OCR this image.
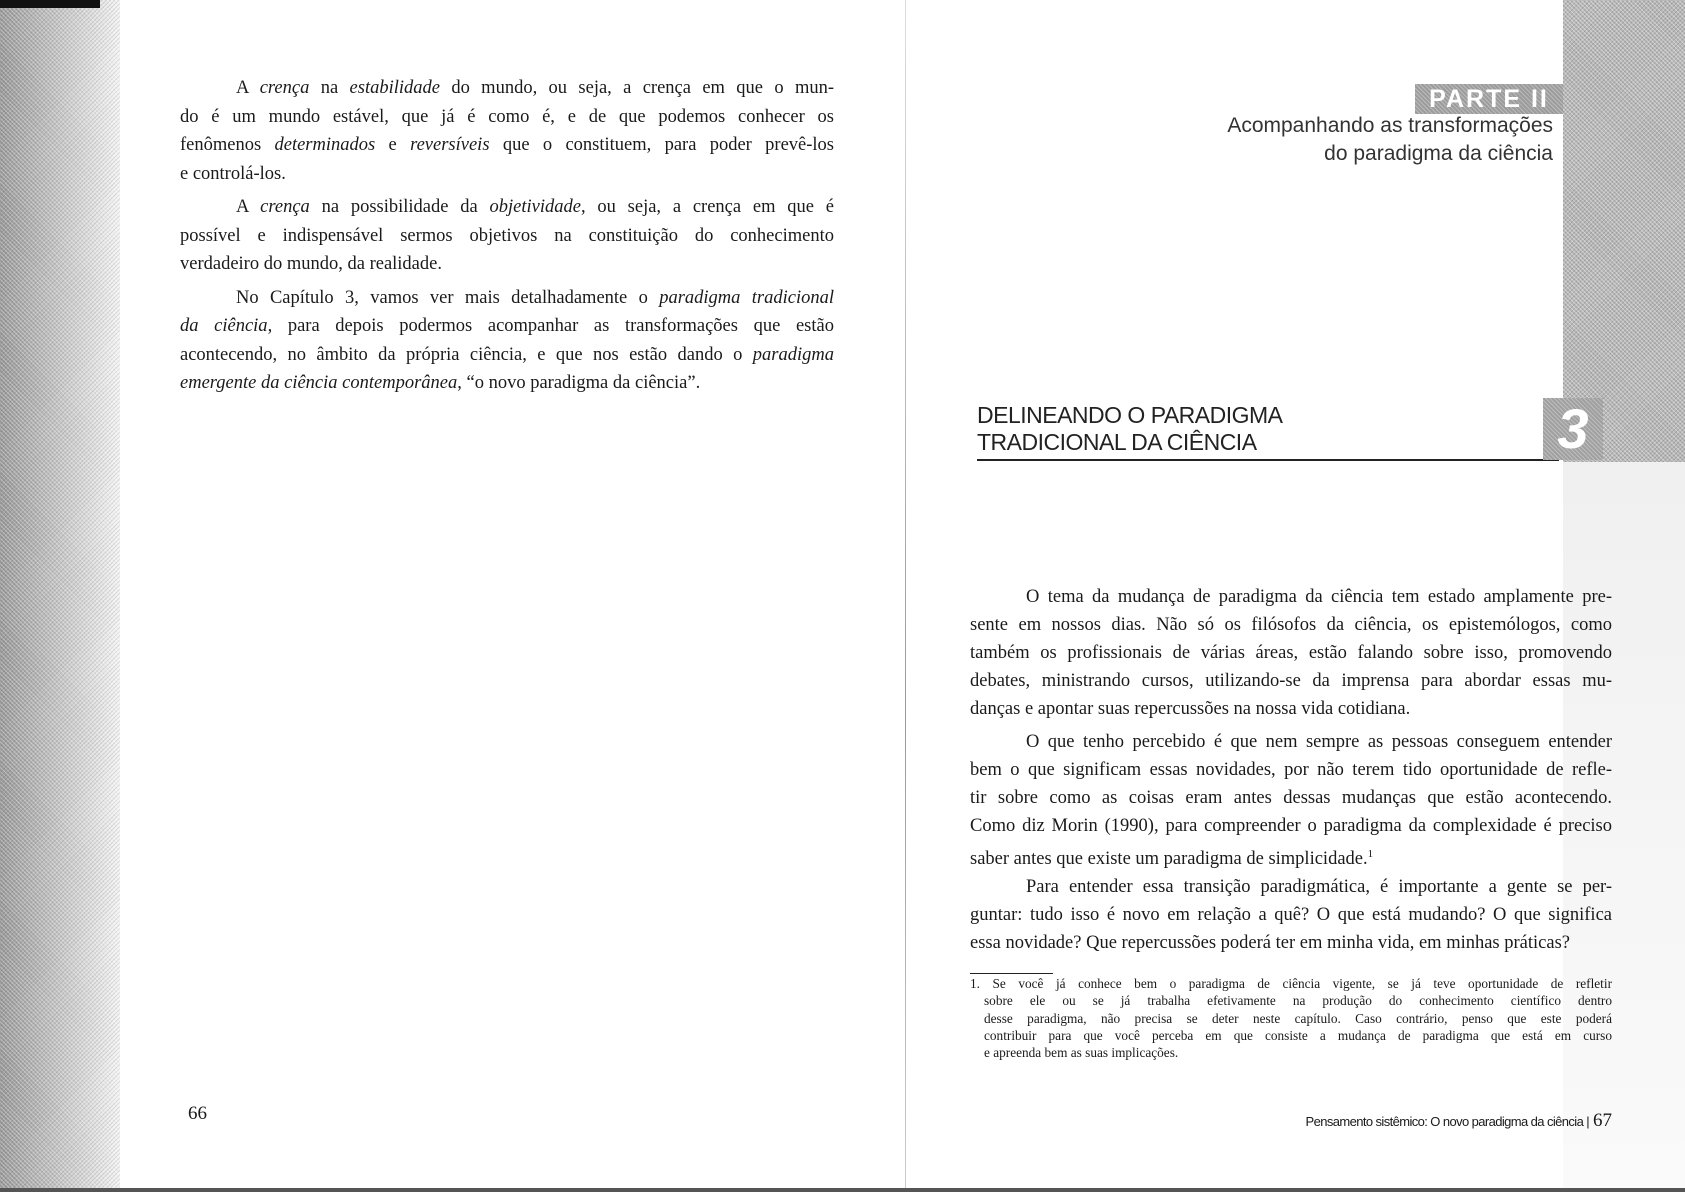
A crença na estabilidade do mundo, ou seja, a crença em que o mun-
do é um mundo estável, que já é como é, e de que podemos conhecer os
fenômenos determinados e reversíveis que o constituem, para poder prevê-los
e controlá-los.
A crença na possibilidade da objetividade, ou seja, a crença em que é
possível e indispensável sermos objetivos na constituição do conhecimento
verdadeiro do mundo, da realidade.
No Capítulo 3, vamos ver mais detalhadamente o paradigma tradicional
da ciência, para depois podermos acompanhar as transformações que estão
acontecendo, no âmbito da própria ciência, e que nos estão dando o paradigma
emergente da ciência contemporânea, “o novo paradigma da ciência”.
66
PARTE II
Acompanhando as transformações
do paradigma da ciência
DELINEANDO O PARADIGMA
TRADICIONAL DA CIÊNCIA	3
O tema da mudança de paradigma da ciência tem estado amplamente pre-
sente em nossos dias. Não só os filósofos da ciência, os epistemólogos, como
também os profissionais de várias áreas, estão falando sobre isso, promovendo
debates, ministrando cursos, utilizando-se da imprensa para abordar essas mu-
danças e apontar suas repercussões na nossa vida cotidiana.
O que tenho percebido é que nem sempre as pessoas conseguem entender
bem o que significam essas novidades, por não terem tido oportunidade de refle-
tir sobre como as coisas eram antes dessas mudanças que estão acontecendo.
Como diz Morin (1990), para compreender o paradigma da complexidade é preciso
saber antes que existe um paradigma de simplicidade.$^1$
Para entender essa transição paradigmática, é importante a gente se per-
guntar: tudo isso é novo em relação a quê? O que está mudando? O que significa
essa novidade? Que repercussões poderá ter em minha vida, em minhas práticas?
1. Se você já conhece bem o paradigma de ciência vigente, se já teve oportunidade de refletir
sobre ele ou se já trabalha efetivamente na produção do conhecimento científico dentro
desse paradigma, não precisa se deter neste capítulo. Caso contrário, penso que este poderá
contribuir para que você perceba em que consiste a mudança de paradigma que está em curso
e apreenda bem as suas implicações.
Pensamento sistêmico: O novo paradigma da ciência | 67
